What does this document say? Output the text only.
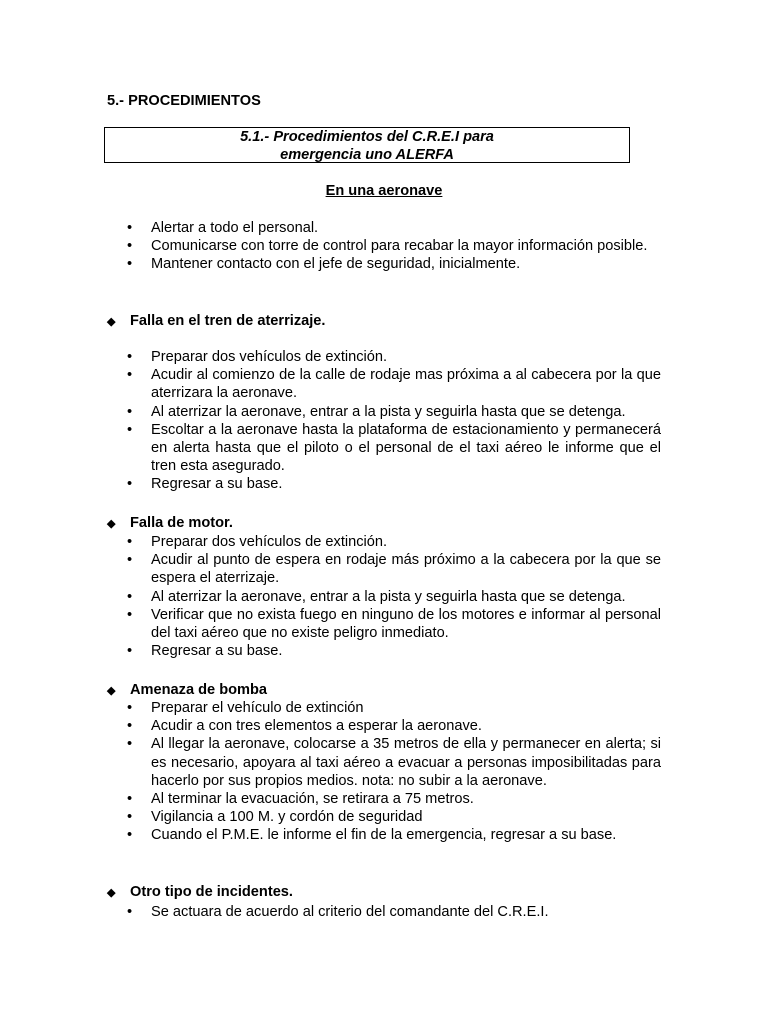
5.- PROCEDIMIENTOS
5.1.- Procedimientos del C.R.E.I para
emergencia uno ALERFA
En una aeronave
• Alertar a todo el personal.
• Comunicarse con torre de control para recabar la mayor información posible.
• Mantener contacto con el jefe de seguridad, inicialmente.
◆ Falla en el tren de aterrizaje.
• Preparar dos vehículos de extinción.
• Acudir al comienzo de la calle de rodaje mas próxima a al cabecera por la que aterrizara la aeronave.
• Al aterrizar la aeronave, entrar a la pista y seguirla hasta que se detenga.
• Escoltar a la aeronave hasta la plataforma de estacionamiento y permanecerá en alerta hasta que el piloto o el personal de el taxi aéreo le informe que el tren esta asegurado.
• Regresar a su base.
◆ Falla de motor.
• Preparar dos vehículos de extinción.
• Acudir al punto de espera en rodaje más próximo a la cabecera por la que se espera el aterrizaje.
• Al aterrizar la aeronave, entrar a la pista y seguirla hasta que se detenga.
• Verificar que no exista fuego en ninguno de los motores e informar al personal del taxi aéreo que no existe peligro inmediato.
• Regresar a su base.
◆ Amenaza de bomba
• Preparar el vehículo de extinción
• Acudir a con tres elementos a esperar la aeronave.
• Al llegar la aeronave, colocarse a 35 metros de ella y permanecer en alerta; si es necesario, apoyara al taxi aéreo a evacuar a personas imposibilitadas para hacerlo por sus propios medios. nota: no subir a la aeronave.
• Al terminar la evacuación, se retirara a 75 metros.
• Vigilancia a 100 M. y cordón de seguridad
• Cuando el P.M.E. le informe el fin de la emergencia, regresar a su base.
◆ Otro tipo de incidentes.
• Se actuara de acuerdo al criterio del comandante del C.R.E.I.
